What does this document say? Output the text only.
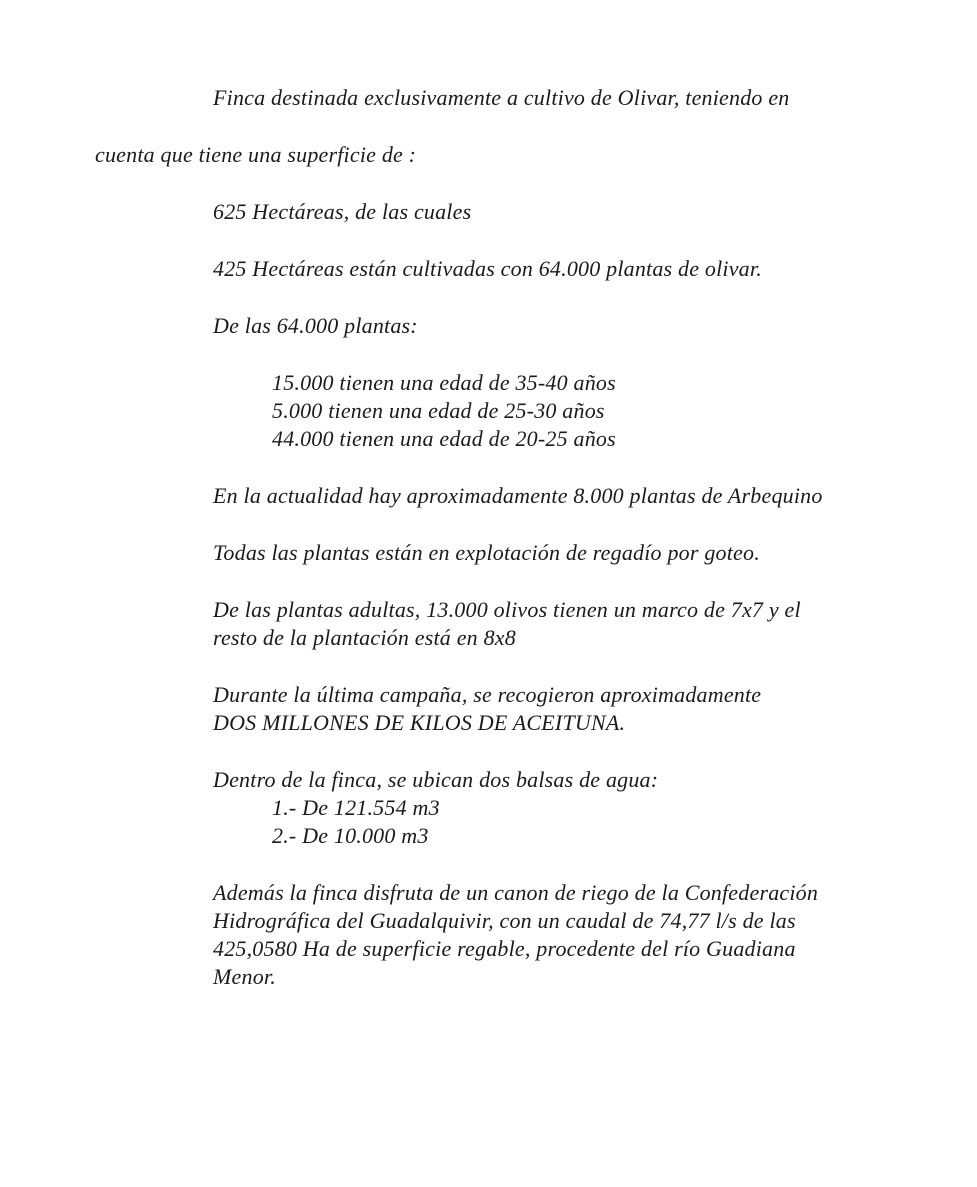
Finca destinada exclusivamente a cultivo de Olivar, teniendo en
cuenta que tiene una superficie de :
625 Hectáreas, de las cuales
425 Hectáreas están cultivadas con 64.000 plantas de olivar.
De las 64.000 plantas:
15.000 tienen una edad de 35-40 años
5.000 tienen una edad de 25-30 años
44.000 tienen una edad de 20-25 años
En la actualidad hay aproximadamente 8.000 plantas de Arbequino
Todas las plantas están en explotación de regadío por goteo.
De las plantas adultas, 13.000 olivos tienen un marco de 7x7 y el
resto de la plantación está en 8x8
Durante la última campaña, se recogieron aproximadamente
DOS MILLONES DE KILOS DE ACEITUNA.
Dentro de la finca, se ubican dos balsas de agua:
1.- De 121.554 m3
2.- De 10.000 m3
Además la finca disfruta de un canon de riego de la Confederación
Hidrográfica del Guadalquivir, con un caudal de 74,77 l/s de las
425,0580 Ha de superficie regable, procedente del río Guadiana
Menor.
